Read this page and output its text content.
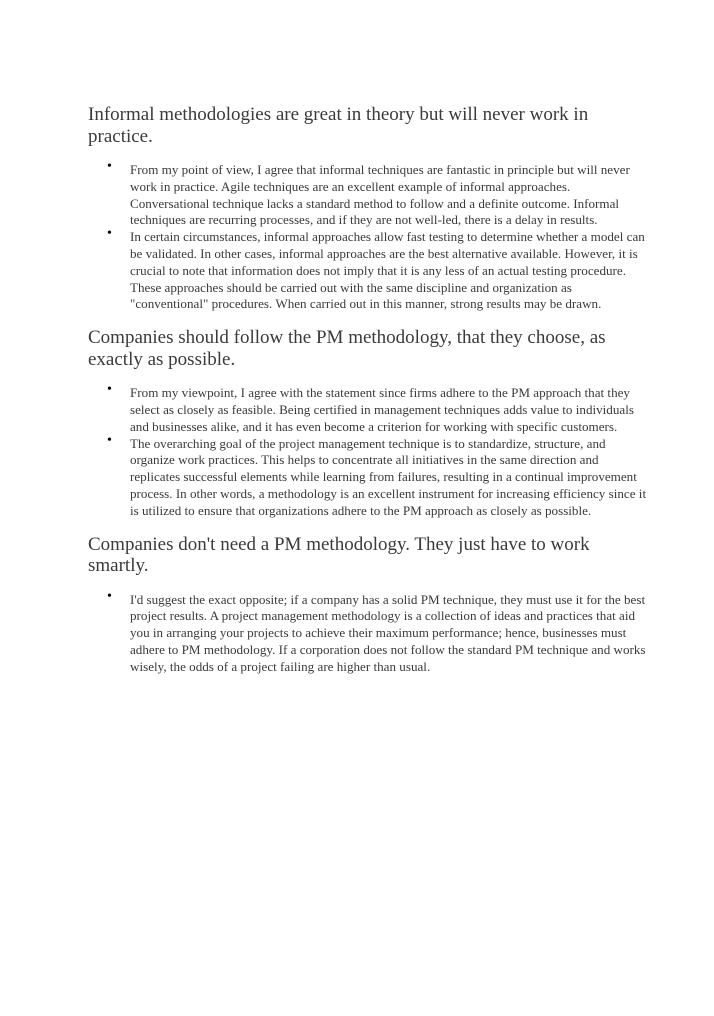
Informal methodologies are great in theory but will never work in practice.
• From my point of view, I agree that informal techniques are fantastic in principle but will never work in practice. Agile techniques are an excellent example of informal approaches. Conversational technique lacks a standard method to follow and a definite outcome. Informal techniques are recurring processes, and if they are not well-led, there is a delay in results.
• In certain circumstances, informal approaches allow fast testing to determine whether a model can be validated. In other cases, informal approaches are the best alternative available. However, it is crucial to note that information does not imply that it is any less of an actual testing procedure. These approaches should be carried out with the same discipline and organization as "conventional" procedures. When carried out in this manner, strong results may be drawn.
Companies should follow the PM methodology, that they choose, as exactly as possible.
• From my viewpoint, I agree with the statement since firms adhere to the PM approach that they select as closely as feasible. Being certified in management techniques adds value to individuals and businesses alike, and it has even become a criterion for working with specific customers.
• The overarching goal of the project management technique is to standardize, structure, and organize work practices. This helps to concentrate all initiatives in the same direction and replicates successful elements while learning from failures, resulting in a continual improvement process. In other words, a methodology is an excellent instrument for increasing efficiency since it is utilized to ensure that organizations adhere to the PM approach as closely as possible.
Companies don't need a PM methodology. They just have to work smartly.
• I'd suggest the exact opposite; if a company has a solid PM technique, they must use it for the best project results. A project management methodology is a collection of ideas and practices that aid you in arranging your projects to achieve their maximum performance; hence, businesses must adhere to PM methodology. If a corporation does not follow the standard PM technique and works wisely, the odds of a project failing are higher than usual.
